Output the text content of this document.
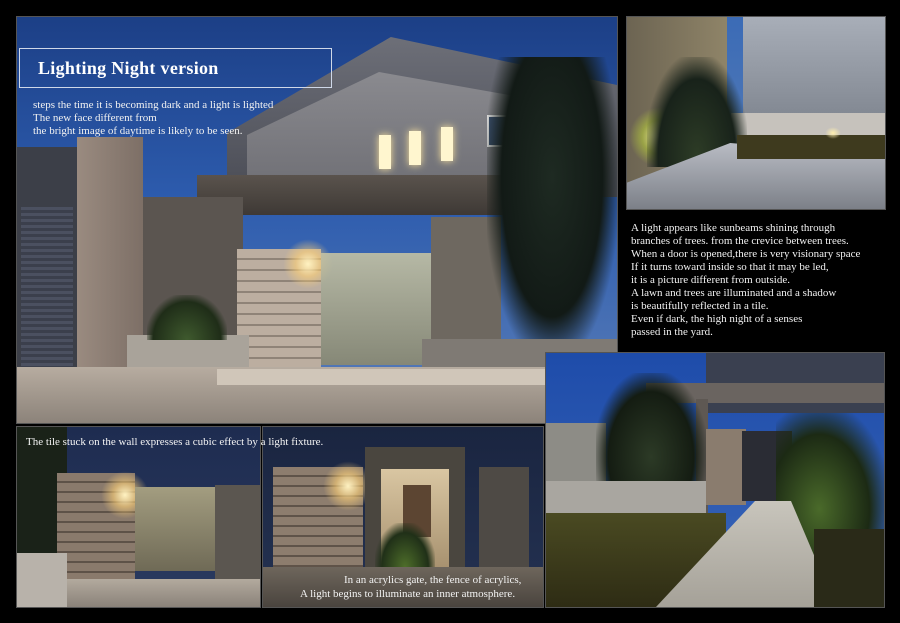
Lighting Night version
steps the time it is becoming dark and a light is lighted
The new face different from
the bright image of daytime is likely to be seen.
A light appears like sunbeams shining through
branches of trees. from the crevice between trees.
When a door is opened,there is very visionary space
If it turns toward inside so that it may be led,
it is a picture different from outside.
A lawn and trees are illuminated and a shadow
is beautifully reflected in a tile.
Even if dark, the high night of a senses
passed in the yard.
The tile stuck on the wall expresses a cubic effect by a light fixture.
In an acrylics gate, the fence of acrylics,
A light begins to illuminate an inner atmosphere.
